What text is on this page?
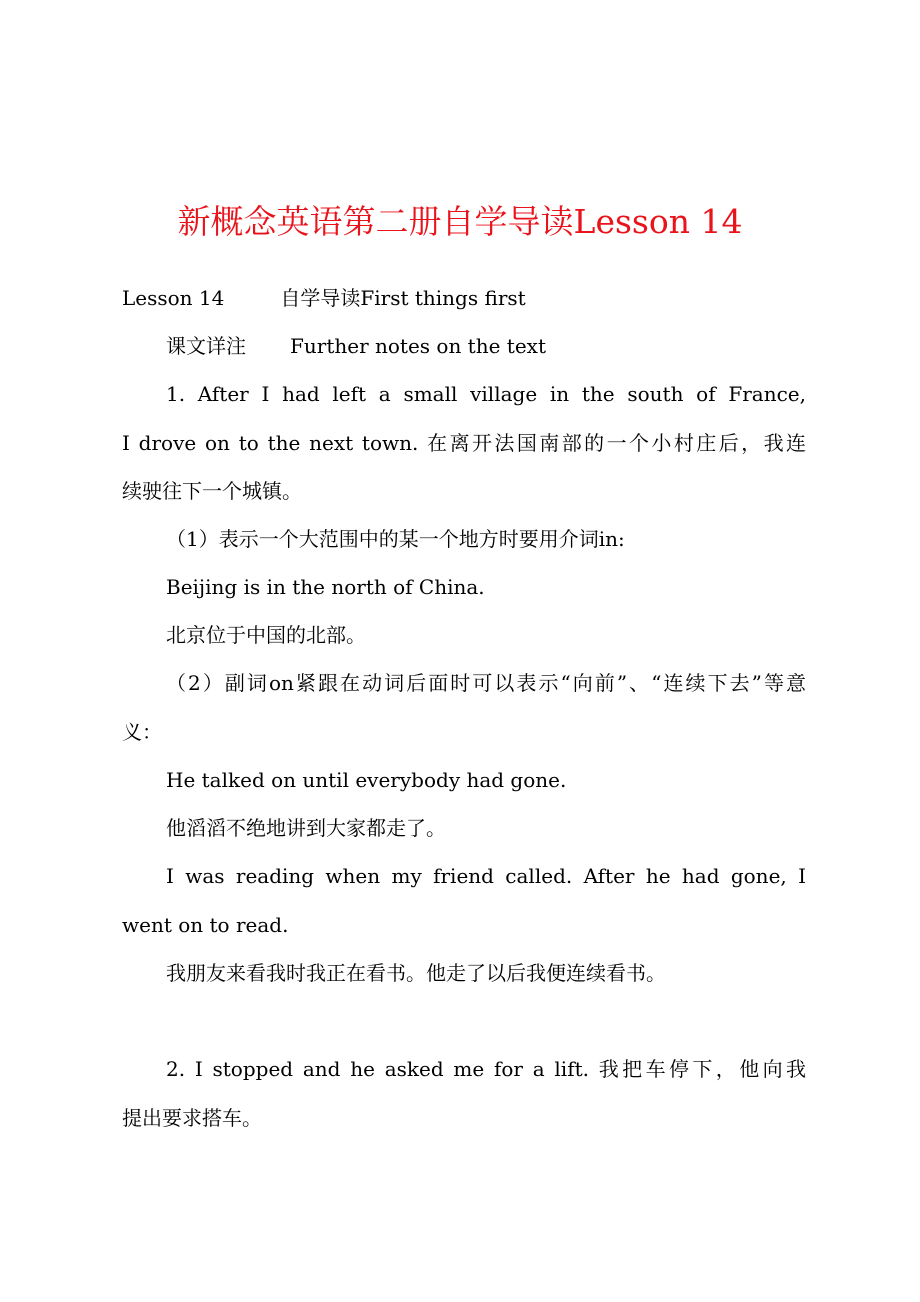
新概念英语第二册自学导读Lesson 14
Lesson 14	自学导读First things first
课文详注 Further notes on the text
1. After I had left a small village in the south of France,
I drove on to the next town. 在离开法国南部的一个小村庄后，我连
续驶往下一个城镇。
（1）表示一个大范围中的某一个地方时要用介词in:
Beijing is in the north of China.
北京位于中国的北部。
（2）副词on紧跟在动词后面时可以表示“向前”、“连续下去”等意
义：
He talked on until everybody had gone.
他滔滔不绝地讲到大家都走了。
I was reading when my friend called. After he had gone, I
went on to read.
我朋友来看我时我正在看书。他走了以后我便连续看书。
2. I stopped and he asked me for a lift. 我把车停下，他向我
提出要求搭车。
